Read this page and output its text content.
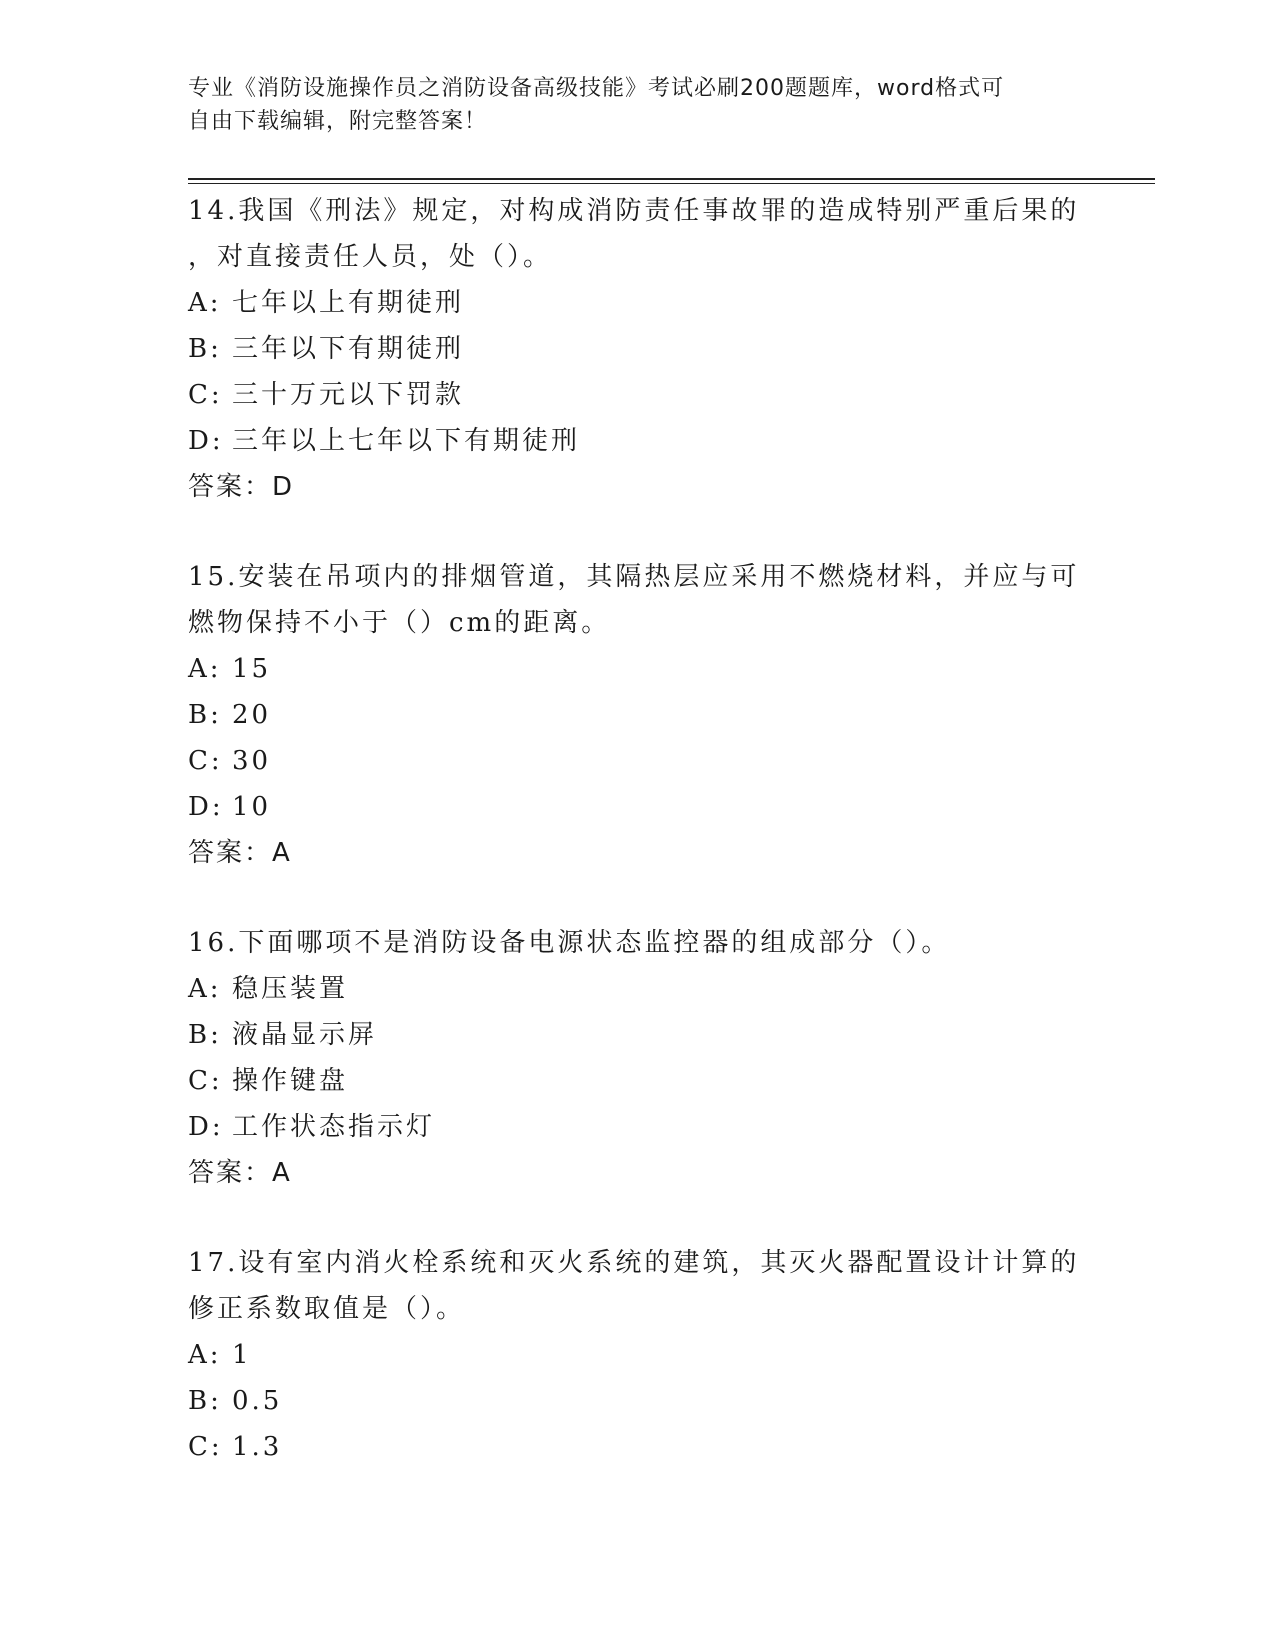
专业《消防设施操作员之消防设备高级技能》考试必刷200题题库，word格式可
自由下载编辑，附完整答案！
14.我国《刑法》规定，对构成消防责任事故罪的造成特别严重后果的
，对直接责任人员，处（）。
A: 七年以上有期徒刑
B: 三年以下有期徒刑
C: 三十万元以下罚款
D: 三年以上七年以下有期徒刑
答案：D
15.安装在吊项内的排烟管道，其隔热层应采用不燃烧材料，并应与可
燃物保持不小于（）cm的距离。
A: 15
B: 20
C: 30
D: 10
答案：A
16.下面哪项不是消防设备电源状态监控器的组成部分（）。
A: 稳压装置
B: 液晶显示屏
C: 操作键盘
D: 工作状态指示灯
答案：A
17.设有室内消火栓系统和灭火系统的建筑，其灭火器配置设计计算的
修正系数取值是（）。
A: 1
B: 0.5
C: 1.3
